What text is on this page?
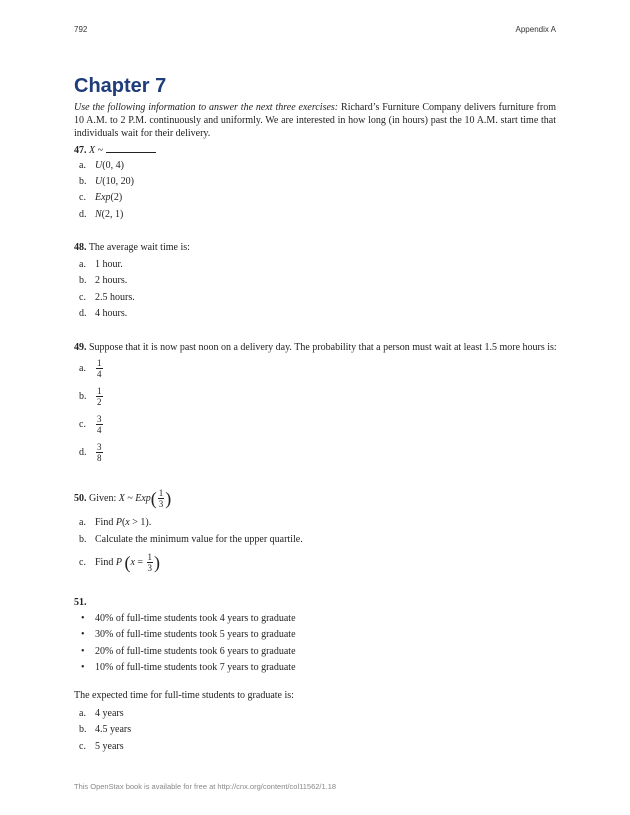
792	Appendix A
Chapter 7
Use the following information to answer the next three exercises: Richard’s Furniture Company delivers furniture from 10 A.M. to 2 P.M. continuously and uniformly. We are interested in how long (in hours) past the 10 A.M. start time that individuals wait for their delivery.
47. X ~
a. U(0, 4)
b. U(10, 20)
c. Exp(2)
d. N(2, 1)
48. The average wait time is:
a. 1 hour.
b. 2 hours.
c. 2.5 hours.
d. 4 hours.
49. Suppose that it is now past noon on a delivery day. The probability that a person must wait at least 1.5 more hours is:
a. $\frac{1}{4}$
b. $\frac{1}{2}$
c. $\frac{3}{4}$
d. $\frac{3}{8}$
50. Given: X ~ $Exp( \frac{1}{3}$ )
a. Find P(x > 1).
b. Calculate the minimum value for the upper quartile.
c. Find P ($x = \frac{1}{3}$ )
51.
• 40% of full-time students took 4 years to graduate
• 30% of full-time students took 5 years to graduate
• 20% of full-time students took 6 years to graduate
• 10% of full-time students took 7 years to graduate
The expected time for full-time students to graduate is:
a. 4 years
b. 4.5 years
c. 5 years
This OpenStax book is available for free at http://cnx.org/content/col11562/1.18
